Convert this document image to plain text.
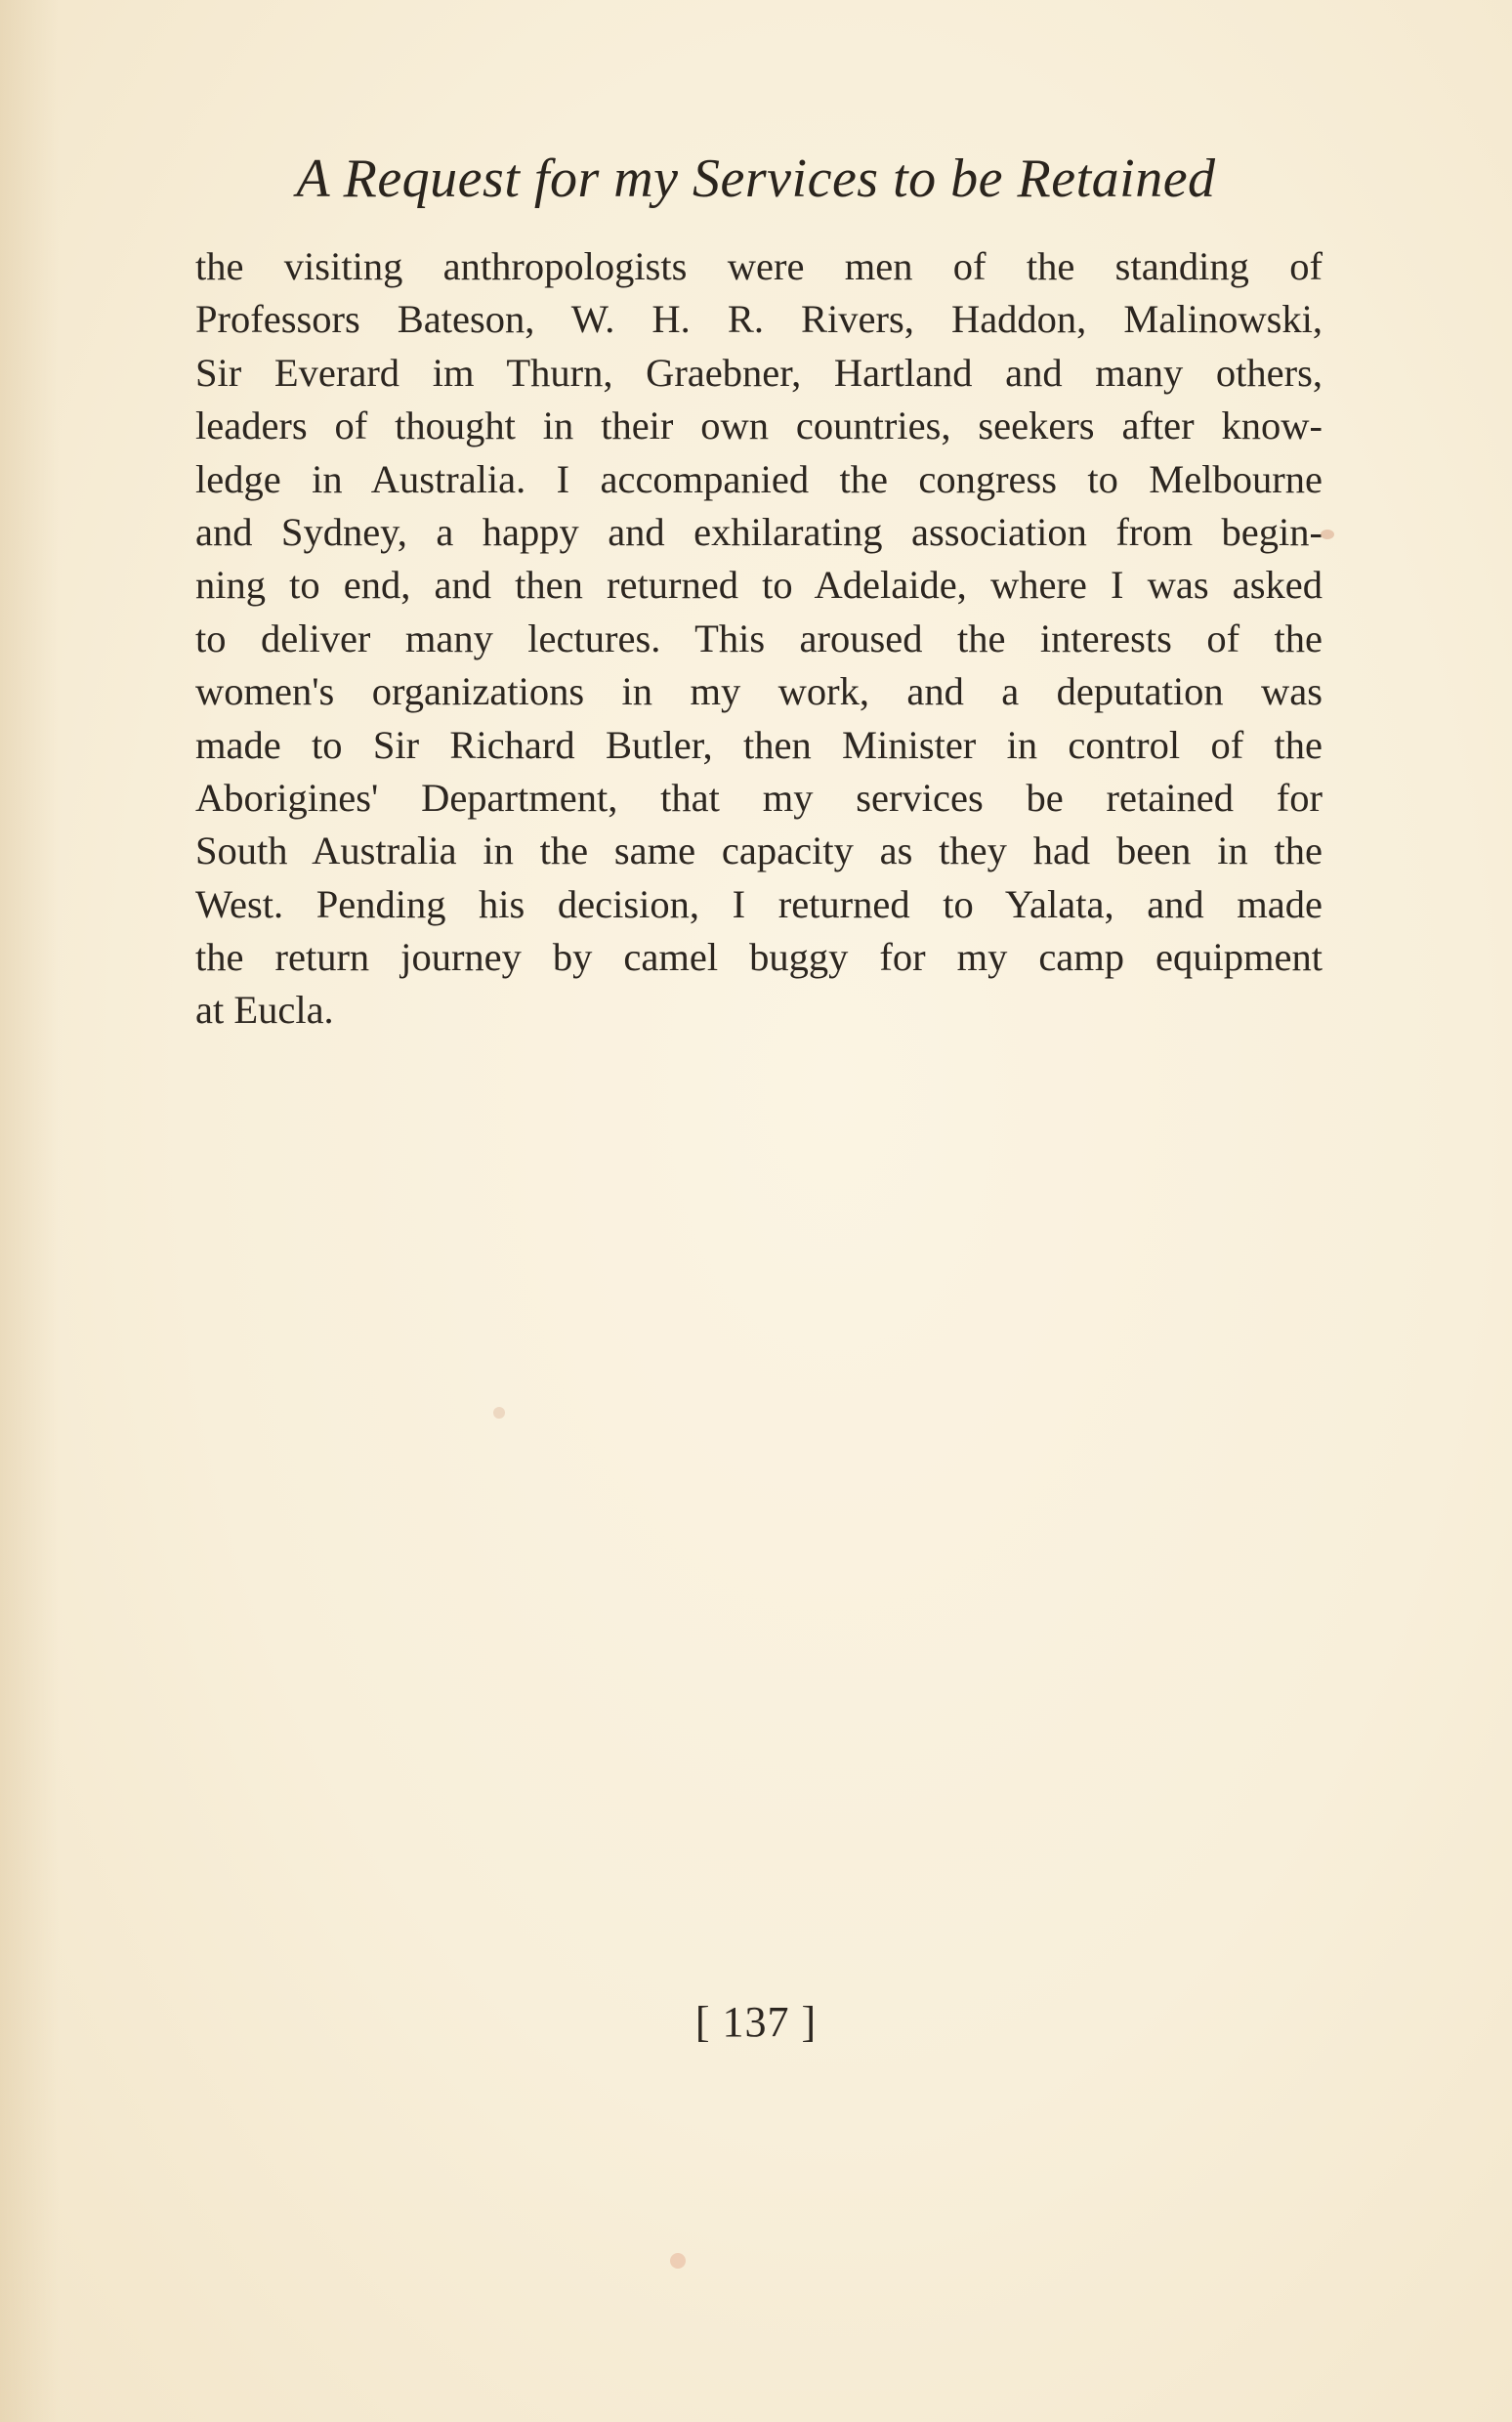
A Request for my Services to be Retained
the visiting anthropologists were men of the standing of
Professors Bateson, W. H. R. Rivers, Haddon, Malinowski,
Sir Everard im Thurn, Graebner, Hartland and many others,
leaders of thought in their own countries, seekers after know-
ledge in Australia. I accompanied the congress to Melbourne
and Sydney, a happy and exhilarating association from begin-
ning to end, and then returned to Adelaide, where I was asked
to deliver many lectures. This aroused the interests of the
women's organizations in my work, and a deputation was
made to Sir Richard Butler, then Minister in control of the
Aborigines' Department, that my services be retained for
South Australia in the same capacity as they had been in the
West. Pending his decision, I returned to Yalata, and made
the return journey by camel buggy for my camp equipment
at Eucla.
[ 137 ]
